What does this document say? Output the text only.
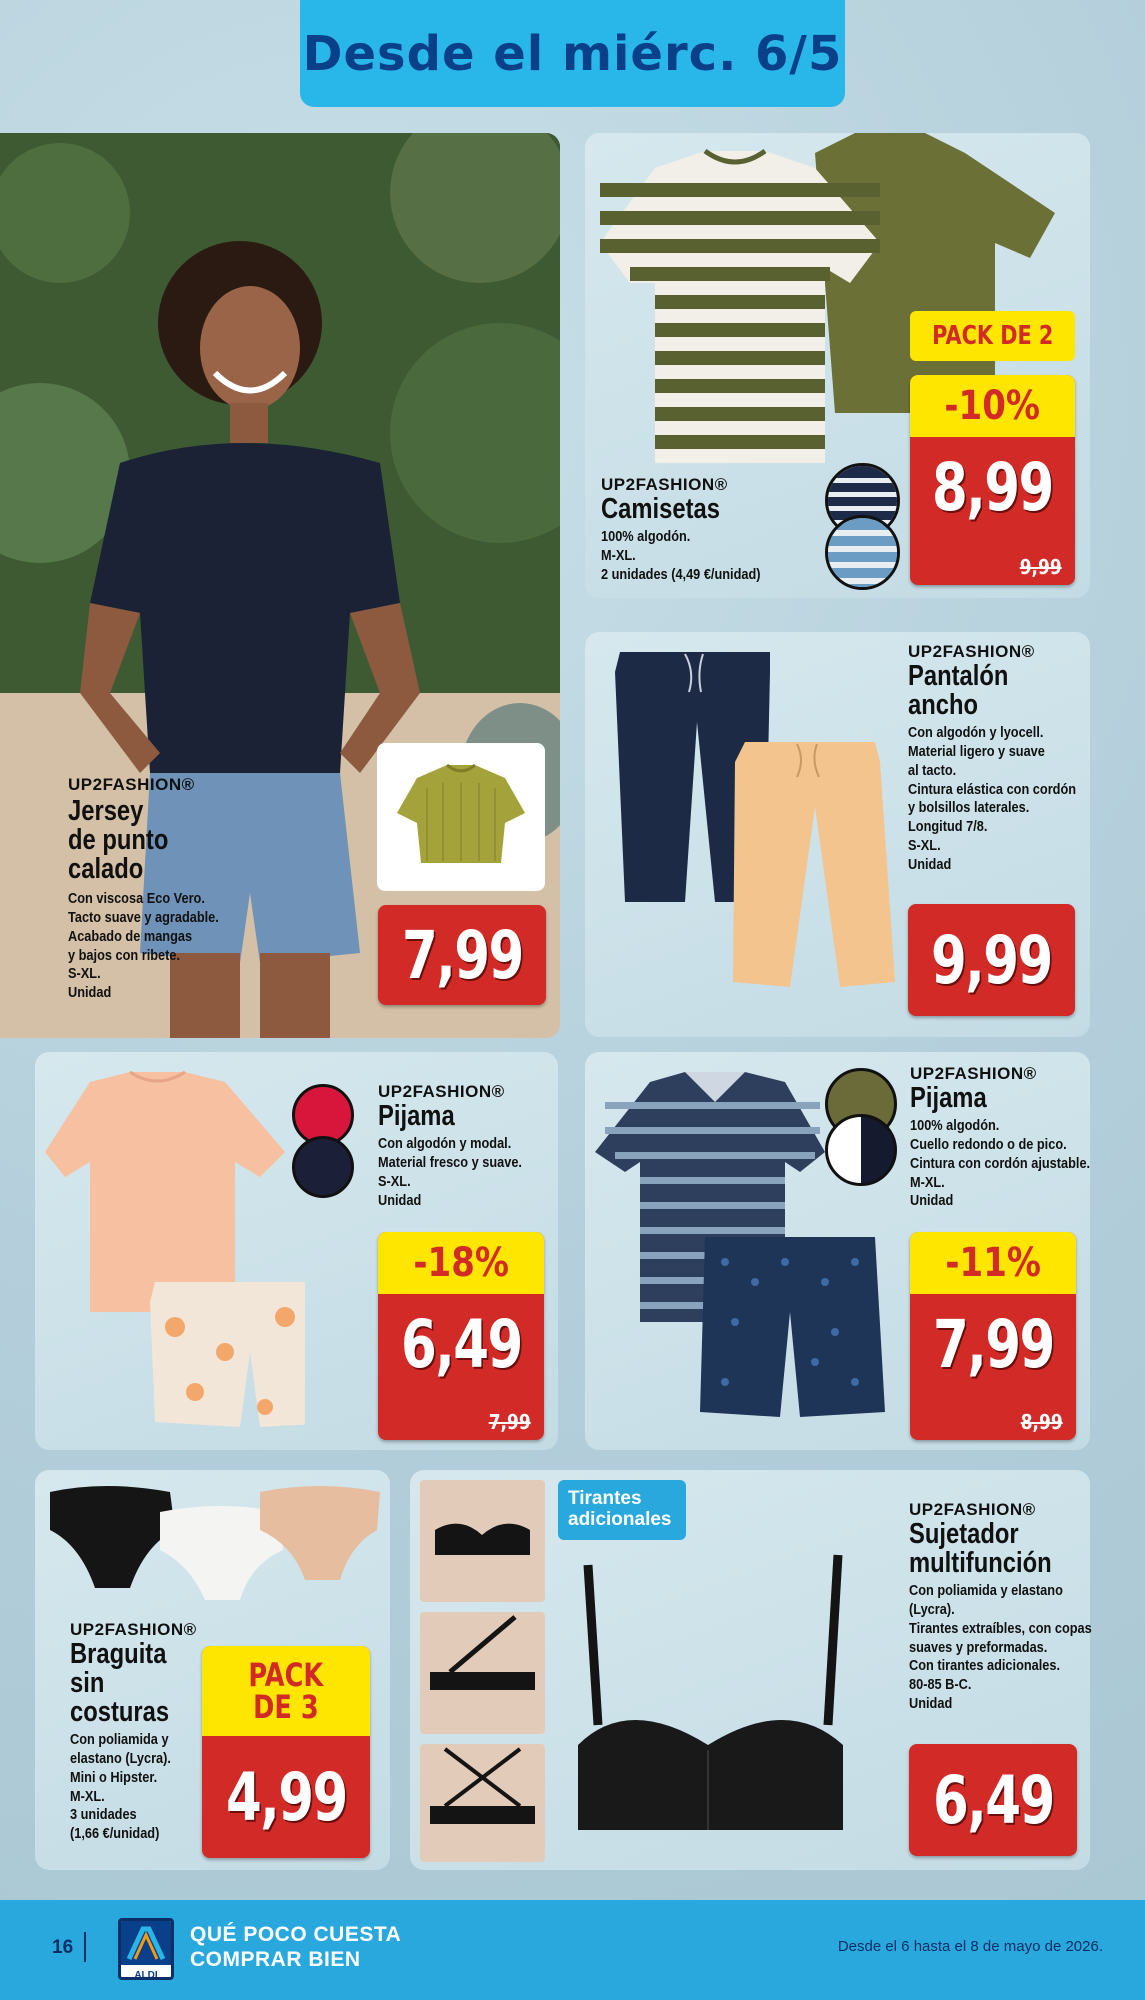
Desde el miérc. 6/5
UP2FASHION®
Jersey
de punto
calado
Con viscosa Eco Vero.
Tacto suave y agradable.
Acabado de mangas
y bajos con ribete.
S-XL.
Unidad	7,99
UP2FASHION®
Camisetas
100% algodón.
M-XL.
2 unidades (4,49 €/unidad)
PACK DE 2
-10%
8,99
9,99
UP2FASHION®
Pantalón
ancho
Con algodón y lyocell.
Material ligero y suave
al tacto.
Cintura elástica con cordón
y bolsillos laterales.
Longitud 7/8.
S-XL.
Unidad
9,99
UP2FASHION®
Pijama
Con algodón y modal.
Material fresco y suave.
S-XL.
Unidad
-18%
6,49
7,99
UP2FASHION®
Pijama
100% algodón.
Cuello redondo o de pico.
Cintura con cordón ajustable.
M-XL.
Unidad
-11%
7,99
8,99
UP2FASHION®
Braguita
sin
costuras
Con poliamida y
elastano (Lycra).
Mini o Hipster.
M-XL.
3 unidades
(1,66 €/unidad)
PACK
DE 3
4,99
Tirantes
adicionales	UP2FASHION®
Sujetador
multifunción
Con poliamida y elastano
(Lycra).
Tirantes extraíbles, con copas
suaves y preformadas.
Con tirantes adicionales.
80-85 B-C.
Unidad
6,49
16
ALDI
QUÉ POCO CUESTA
COMPRAR BIEN
Desde el 6 hasta el 8 de mayo de 2026.
